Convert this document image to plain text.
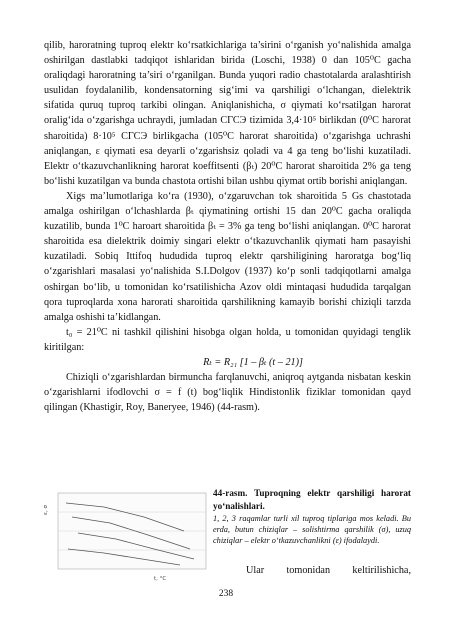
qilib, haroratning tuproq elektr ko‘rsatkichlariga ta’sirini o‘rganish yo‘nalishida amalga oshirilgan dastlabki tadqiqot ishlaridan birida (Loschi, 1938) 0 dan 105⁰C gacha oraliqdagi haroratning ta’siri o‘rganilgan. Bunda yuqori radio chastotalarda aralashtirish usulidan foydalanilib, kondensatorning sig‘imi va qarshiligi o‘lchangan, dielektrik sifatida quruq tuproq tarkibi olingan. Aniqlanishicha, σ qiymati ko‘rsatilgan harorat oralig‘ida o‘zgarishga uchraydi, jumladan СГСЭ tizimida 3,4·10⁵ birlikdan (0⁰C harorat sharoitida) 8·10⁵ СГСЭ birlikgacha (105⁰C harorat sharoitida) o‘zgarishga uchrashi aniqlangan, ε qiymati esa deyarli o‘zgarishsiz qoladi va 4 ga teng bo‘lishi kuzatiladi. Elektr o‘tkazuvchanlikning harorat koeffitsenti (βₜ) 20⁰C harorat sharoitida 2% ga teng bo‘lishi kuzatilgan va bunda chastota ortishi bilan ushbu qiymat ortib borishi aniqlangan.

Xigs ma’lumotlariga ko‘ra (1930), o‘zgaruvchan tok sharoitida 5 Gs chastotada amalga oshirilgan o‘lchashlarda βₜ qiymatining ortishi 15 dan 20⁰C gacha oraliqda kuzatilib, bunda 1⁰C haroart sharoitida βₜ = 3% ga teng bo‘lishi aniqlangan. 0⁰C harorat sharoitida esa dielektrik doimiy singari elektr o‘tkazuvchanlik qiymati ham pasayishi kuzatiladi. Sobiq Ittifoq hududida tuproq elektr qarshiligining haroratga bog‘liq o‘zgarishlari masalasi yo‘nalishida S.I.Dolgov (1937) ko‘p sonli tadqiqotlarni amalga oshirgan bo‘lib, u tomonidan ko‘rsatilishicha Azov oldi mintaqasi hududida tarqalgan qora tuproqlarda xona harorati sharoitida qarshilikning kamayib borishi chiziqli tarzda amalga oshishi ta’kidlangan.

t₀ = 21⁰C ni tashkil qilishini hisobga olgan holda, u tomonidan quyidagi tenglik kiritilgan:

Rₜ = R₂₁ [1 – βₜ (t – 21)]

Chiziqli o‘zgarishlardan birmuncha farqlanuvchi, aniqroq aytganda nisbatan keskin o‘zgarishlarni ifodlovchi σ = f (t) bog‘liqlik Hindistonlik fiziklar tomonidan qayd qilingan (Khastigir, Roy, Baneryee, 1946) (44-rasm).

ε, σ
t, °C
44-rasm. Tuproqning elektr qarshiligi harorat yo‘nalishlari.
1, 2, 3 raqamlar turli xil tuproq tiplariga mos keladi. Bu erda, butun chiziqlar – solishtirma qarshilik (σ), uzuq chiziqlar – elektr o‘tkazuvchanlikni (ε) ifodalaydi.
Ular tomonidan keltirilishicha,
238
